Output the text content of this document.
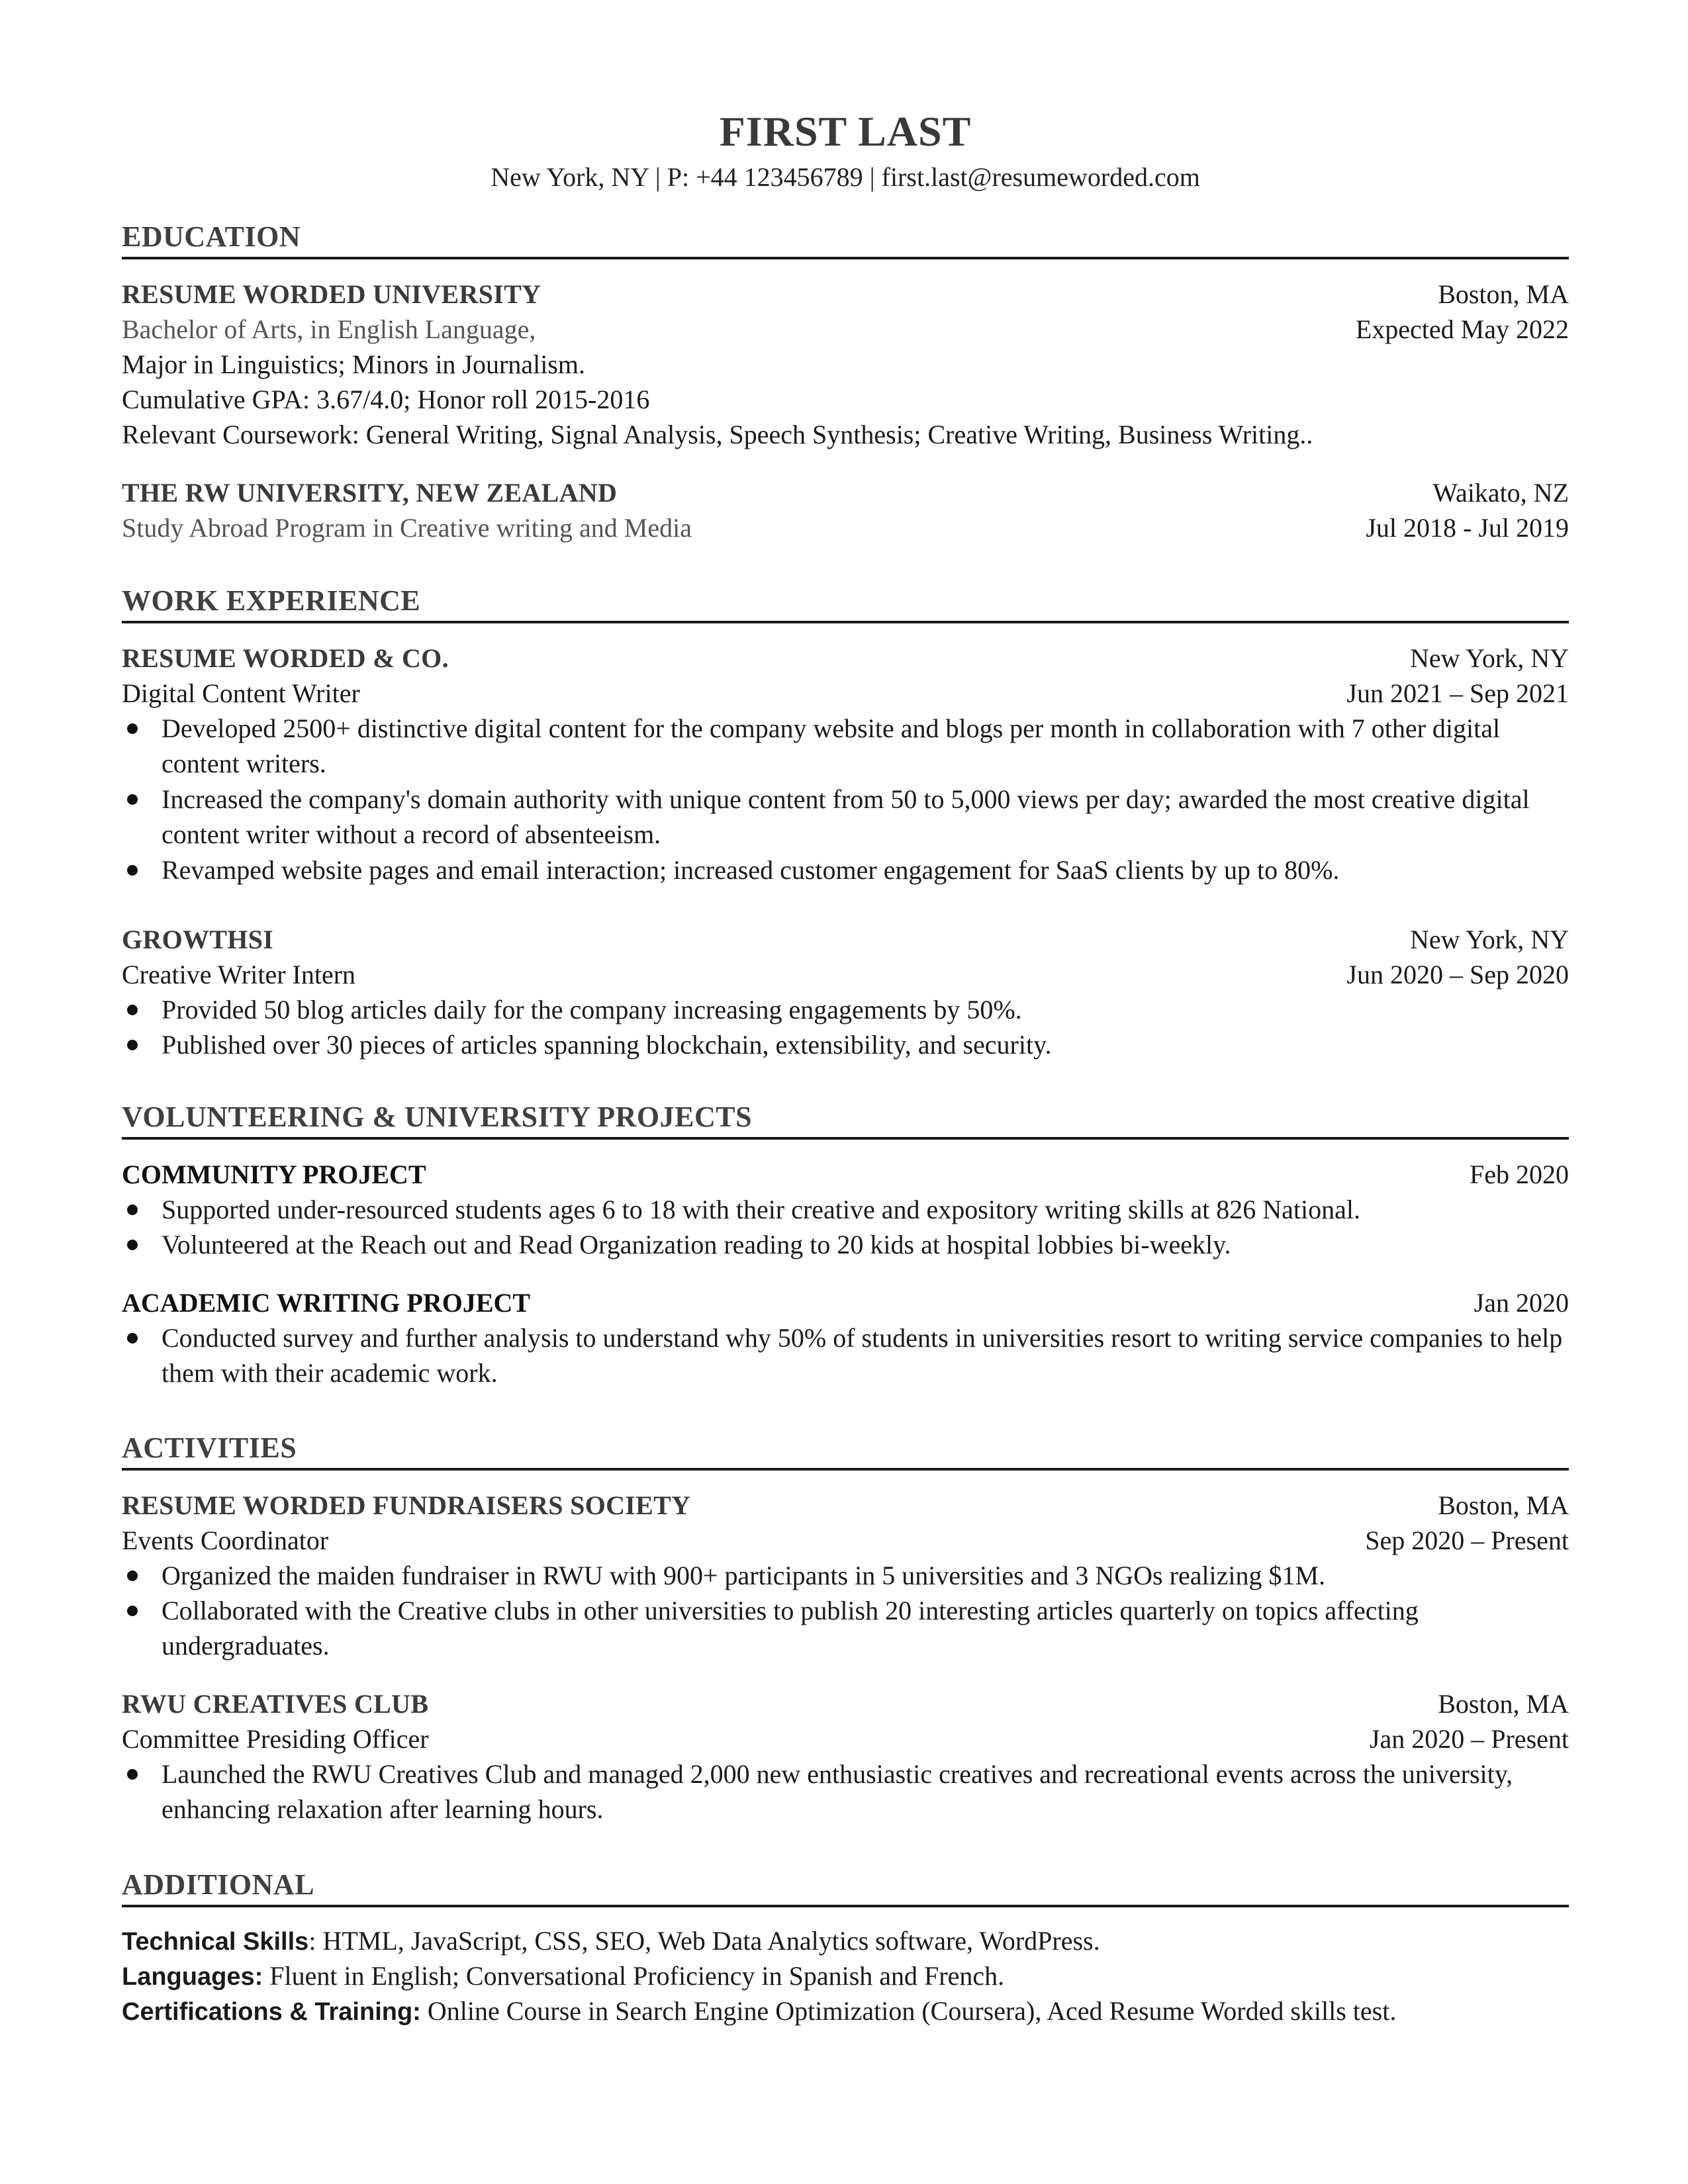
FIRST LAST
New York, NY | P: +44 123456789 | first.last@resumeworded.com
EDUCATION
RESUME WORDED UNIVERSITY	Boston, MA
Bachelor of Arts, in English Language,	Expected May 2022
Major in Linguistics; Minors in Journalism.
Cumulative GPA: 3.67/4.0; Honor roll 2015-2016
Relevant Coursework: General Writing, Signal Analysis, Speech Synthesis; Creative Writing, Business Writing..
THE RW UNIVERSITY, NEW ZEALAND	Waikato, NZ
Study Abroad Program in Creative writing and Media	Jul 2018 - Jul 2019
WORK EXPERIENCE
RESUME WORDED & CO.	New York, NY
Digital Content Writer	Jun 2021 – Sep 2021
Developed 2500+ distinctive digital content for the company website and blogs per month in collaboration with 7 other digital content writers.
Increased the company's domain authority with unique content from 50 to 5,000 views per day; awarded the most creative digital content writer without a record of absenteeism.
Revamped website pages and email interaction; increased customer engagement for SaaS clients by up to 80%.
GROWTHSI	New York, NY
Creative Writer Intern	Jun 2020 – Sep 2020
Provided 50 blog articles daily for the company increasing engagements by 50%.
Published over 30 pieces of articles spanning blockchain, extensibility, and security.
VOLUNTEERING & UNIVERSITY PROJECTS
COMMUNITY PROJECT	Feb 2020
Supported under-resourced students ages 6 to 18 with their creative and expository writing skills at 826 National.
Volunteered at the Reach out and Read Organization reading to 20 kids at hospital lobbies bi-weekly.
ACADEMIC WRITING PROJECT	Jan 2020
Conducted survey and further analysis to understand why 50% of students in universities resort to writing service companies to help them with their academic work.
ACTIVITIES
RESUME WORDED FUNDRAISERS SOCIETY	Boston, MA
Events Coordinator	Sep 2020 – Present
Organized the maiden fundraiser in RWU with 900+ participants in 5 universities and 3 NGOs realizing $1M.
Collaborated with the Creative clubs in other universities to publish 20 interesting articles quarterly on topics affecting undergraduates.
RWU CREATIVES CLUB	Boston, MA
Committee Presiding Officer	Jan 2020 – Present
Launched the RWU Creatives Club and managed 2,000 new enthusiastic creatives and recreational events across the university, enhancing relaxation after learning hours.
ADDITIONAL
Technical Skills: HTML, JavaScript, CSS, SEO, Web Data Analytics software, WordPress.
Languages: Fluent in English; Conversational Proficiency in Spanish and French.
Certifications & Training: Online Course in Search Engine Optimization (Coursera), Aced Resume Worded skills test.
